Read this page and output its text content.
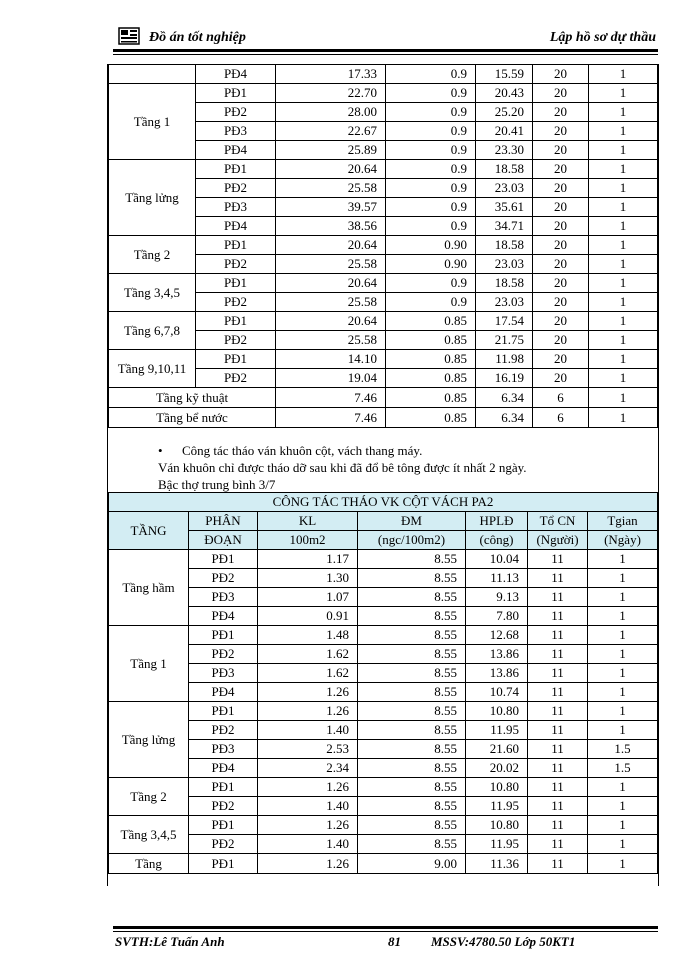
Đồ án tốt nghiệp	Lập hồ sơ dự thầu
	PĐ4	17.33	0.9	15.59	20	1
Tầng 1	PĐ1	22.70	0.9	20.43	20	1
	PĐ2	28.00	0.9	25.20	20	1
	PĐ3	22.67	0.9	20.41	20	1
	PĐ4	25.89	0.9	23.30	20	1
Tầng lửng	PĐ1	20.64	0.9	18.58	20	1
	PĐ2	25.58	0.9	23.03	20	1
	PĐ3	39.57	0.9	35.61	20	1
	PĐ4	38.56	0.9	34.71	20	1
Tầng 2	PĐ1	20.64	0.90	18.58	20	1
	PĐ2	25.58	0.90	23.03	20	1
Tầng 3,4,5	PĐ1	20.64	0.9	18.58	20	1
	PĐ2	25.58	0.9	23.03	20	1
Tầng 6,7,8	PĐ1	20.64	0.85	17.54	20	1
	PĐ2	25.58	0.85	21.75	20	1
Tầng 9,10,11	PĐ1	14.10	0.85	11.98	20	1
	PĐ2	19.04	0.85	16.19	20	1
Tầng kỹ thuật		7.46	0.85	6.34	6	1
Tầng bể nước		7.46	0.85	6.34	6	1
• Công tác tháo ván khuôn cột, vách thang máy.
Ván khuôn chỉ được tháo dỡ sau khi đã đổ bê tông được ít nhất 2 ngày.
Bậc thợ trung bình 3/7
CÔNG TÁC THÁO VK CỘT VÁCH PA2						
TẦNG	PHÂN	KL	ĐM	HPLĐ	Tổ CN	Tgian
	ĐOẠN	100m2	(ngc/100m2)	(công)	(Người)	(Ngày)
Tầng hầm	PĐ1	1.17	8.55	10.04	11	1
	PĐ2	1.30	8.55	11.13	11	1
	PĐ3	1.07	8.55	9.13	11	1
	PĐ4	0.91	8.55	7.80	11	1
Tầng 1	PĐ1	1.48	8.55	12.68	11	1
	PĐ2	1.62	8.55	13.86	11	1
	PĐ3	1.62	8.55	13.86	11	1
	PĐ4	1.26	8.55	10.74	11	1
Tầng lửng	PĐ1	1.26	8.55	10.80	11	1
	PĐ2	1.40	8.55	11.95	11	1
	PĐ3	2.53	8.55	21.60	11	1.5
	PĐ4	2.34	8.55	20.02	11	1.5
Tầng 2	PĐ1	1.26	8.55	10.80	11	1
	PĐ2	1.40	8.55	11.95	11	1
Tầng 3,4,5	PĐ1	1.26	8.55	10.80	11	1
	PĐ2	1.40	8.55	11.95	11	1
Tầng	PĐ1	1.26	9.00	11.36	11	1
SVTH:Lê Tuấn Anh	81 MSSV:4780.50 Lớp 50KT1
